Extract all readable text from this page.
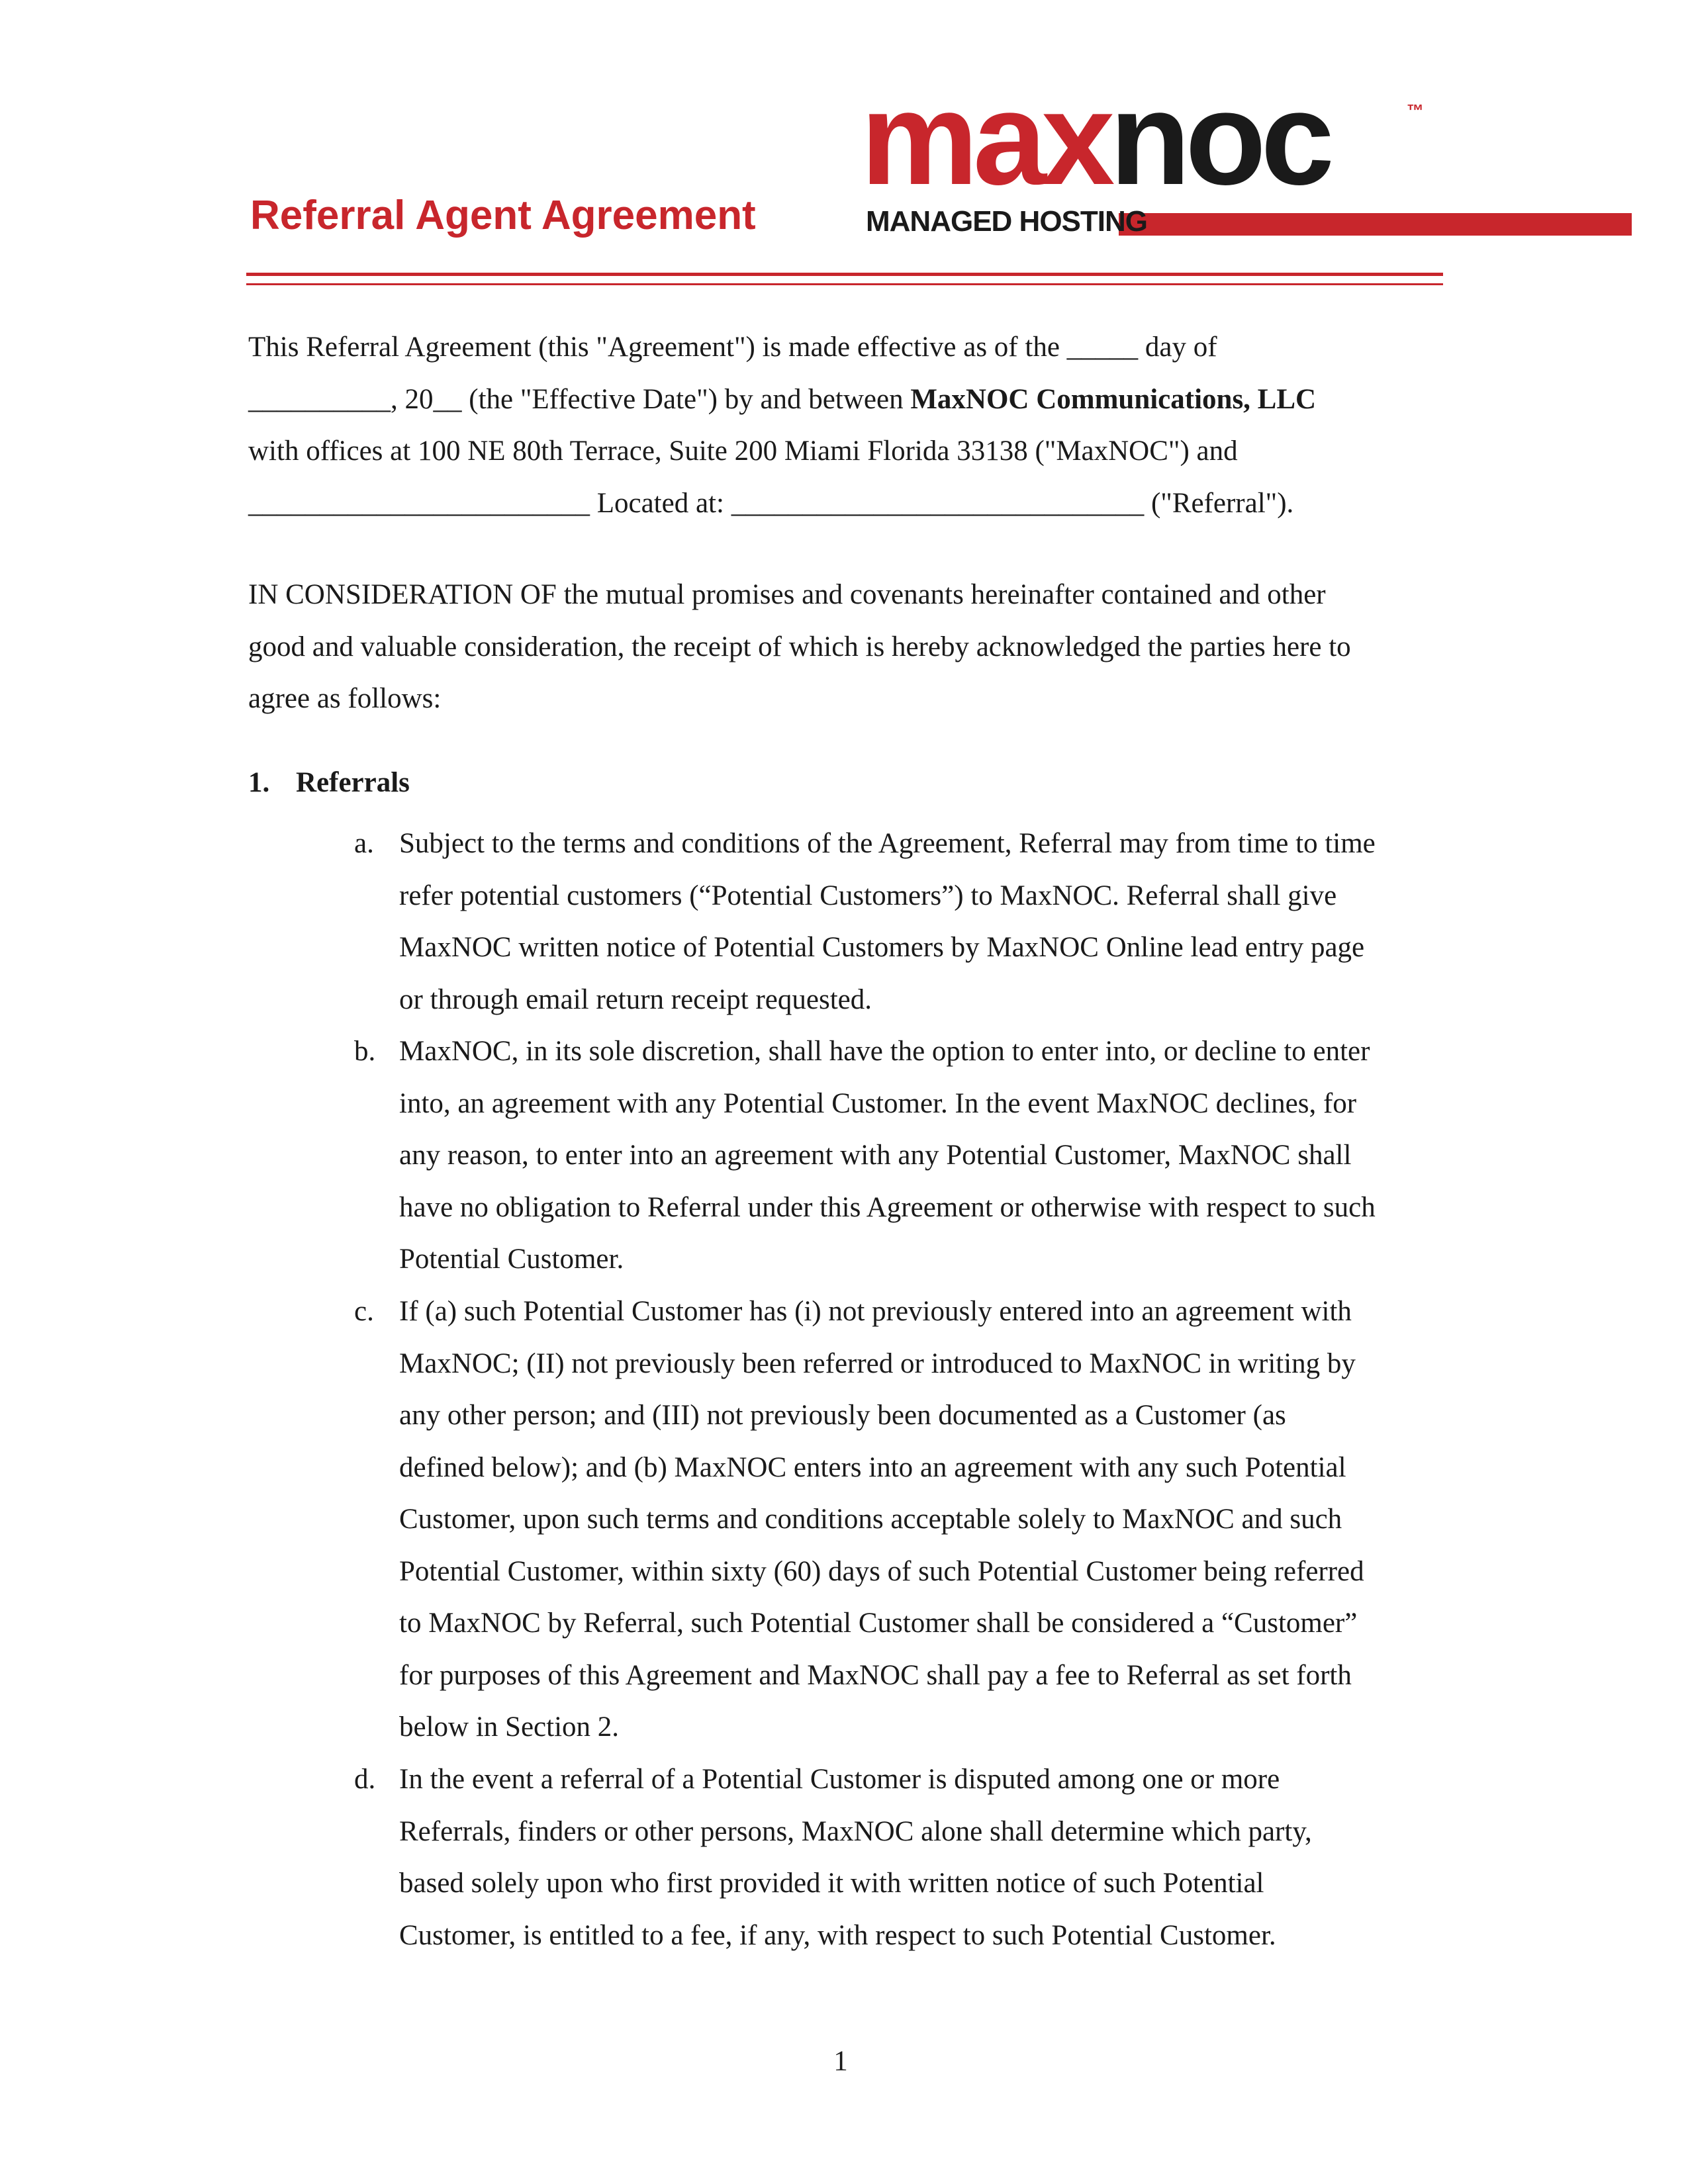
Referral Agent Agreement
maxnoc	™
MANAGED HOSTING
This Referral Agreement (this "Agreement") is made effective as of the _____ day of
__________, 20__ (the "Effective Date") by and between MaxNOC Communications, LLC
with offices at 100 NE 80th Terrace, Suite 200 Miami Florida 33138 ("MaxNOC") and
________________________ Located at: _____________________________ ("Referral").
IN CONSIDERATION OF the mutual promises and covenants hereinafter contained and other
good and valuable consideration, the receipt of which is hereby acknowledged the parties here to
agree as follows:
1. Referrals
a. Subject to the terms and conditions of the Agreement, Referral may from time to time
refer potential customers (“Potential Customers”) to MaxNOC. Referral shall give
MaxNOC written notice of Potential Customers by MaxNOC Online lead entry page
or through email return receipt requested.
b. MaxNOC, in its sole discretion, shall have the option to enter into, or decline to enter
into, an agreement with any Potential Customer. In the event MaxNOC declines, for
any reason, to enter into an agreement with any Potential Customer, MaxNOC shall
have no obligation to Referral under this Agreement or otherwise with respect to such
Potential Customer.
c. If (a) such Potential Customer has (i) not previously entered into an agreement with
MaxNOC; (II) not previously been referred or introduced to MaxNOC in writing by
any other person; and (III) not previously been documented as a Customer (as
defined below); and (b) MaxNOC enters into an agreement with any such Potential
Customer, upon such terms and conditions acceptable solely to MaxNOC and such
Potential Customer, within sixty (60) days of such Potential Customer being referred
to MaxNOC by Referral, such Potential Customer shall be considered a “Customer”
for purposes of this Agreement and MaxNOC shall pay a fee to Referral as set forth
below in Section 2.
d. In the event a referral of a Potential Customer is disputed among one or more
Referrals, finders or other persons, MaxNOC alone shall determine which party,
based solely upon who first provided it with written notice of such Potential
Customer, is entitled to a fee, if any, with respect to such Potential Customer.
1
